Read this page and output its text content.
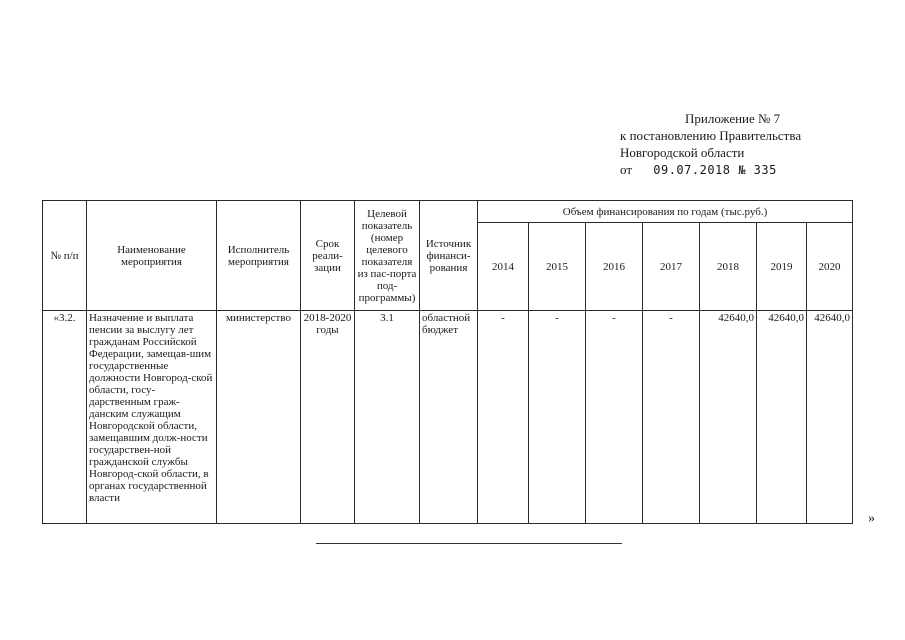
Приложение № 7
к постановлению Правительства
Новгородской области
от 09.07.2018 № 335
№ п/п	Наименование мероприятия	Исполнитель мероприятия	Срок реали-зации	Целевой показатель (номер целевого показателя из пас-порта под-программы)	Источник финанси-рования	Объем финансирования по годам (тыс.руб.)						
						2014	2015	2016	2017	2018	2019	2020
«3.2.	Назначение и выплата пенсии за выслугу лет гражданам Российской Федерации, замещав-шим государственные должности Новгород-ской области, госу-дарственным граж-данским служащим Новгородской области, замещавшим долж-ности государствен-ной гражданской службы Новгород-ской области, в органах государственной власти	министерство	2018-2020 годы	3.1	областной бюджет	-	-	-	-	42640,0	42640,0	42640,0
»
